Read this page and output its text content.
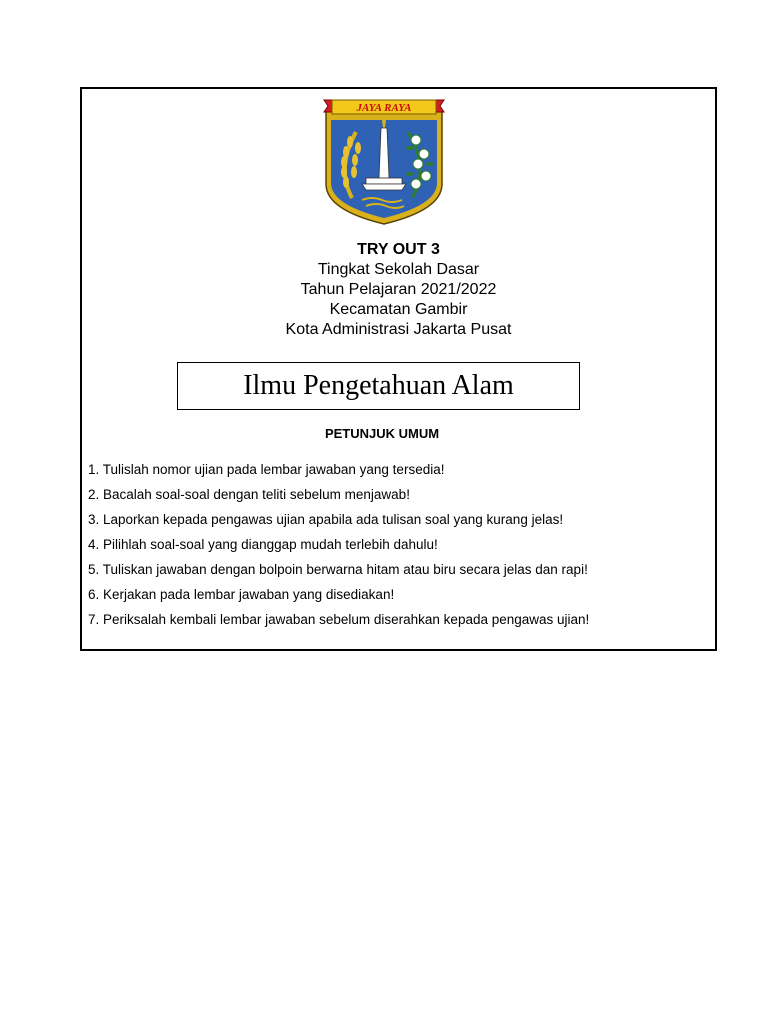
JAYA RAYA
TRY OUT 3
Tingkat Sekolah Dasar
Tahun Pelajaran 2021/2022
Kecamatan Gambir
Kota Administrasi Jakarta Pusat
Ilmu Pengetahuan Alam
PETUNJUK UMUM
1. Tulislah nomor ujian pada lembar jawaban yang tersedia!
2. Bacalah soal-soal dengan teliti sebelum menjawab!
3. Laporkan kepada pengawas ujian apabila ada tulisan soal yang kurang jelas!
4. Pilihlah soal-soal yang dianggap mudah terlebih dahulu!
5. Tuliskan jawaban dengan bolpoin berwarna hitam atau biru secara jelas dan rapi!
6. Kerjakan pada lembar jawaban yang disediakan!
7. Periksalah kembali lembar jawaban sebelum diserahkan kepada pengawas ujian!
